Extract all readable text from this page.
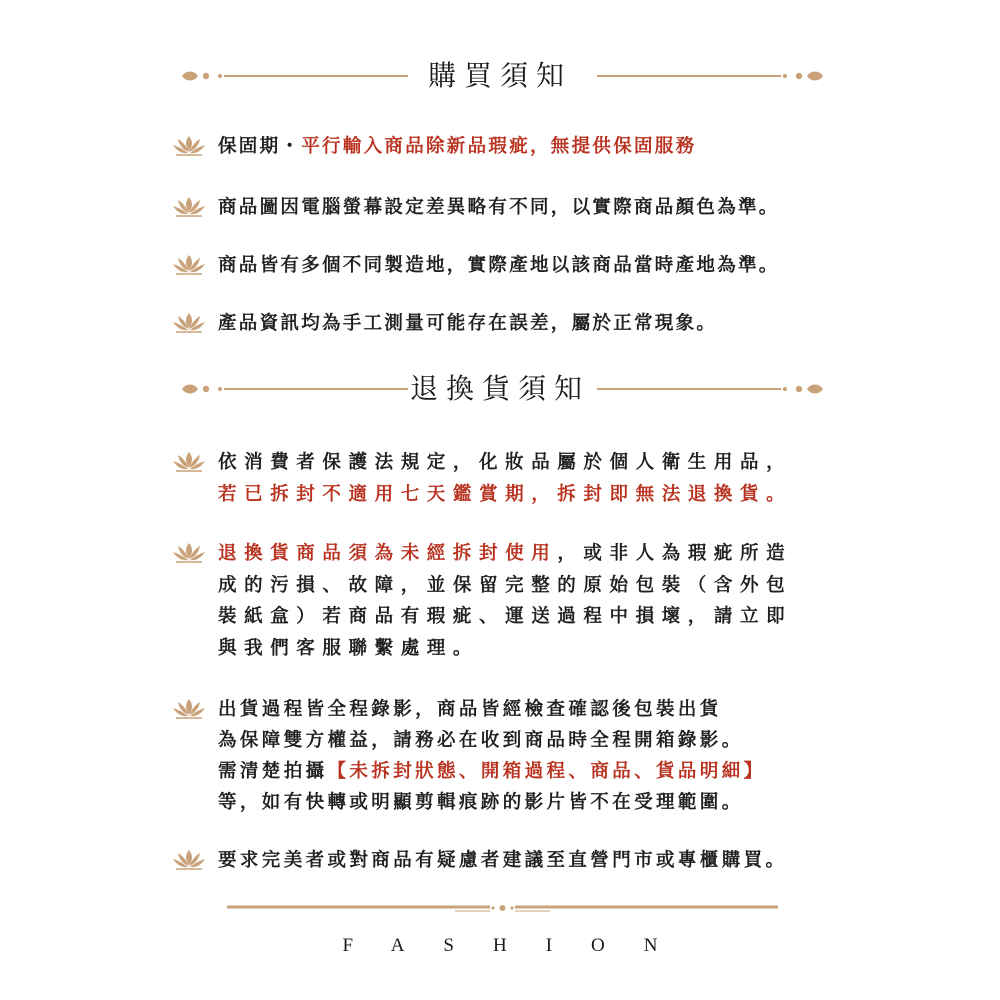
購買須知
保固期・平行輸入商品除新品瑕疵，無提供保固服務
商品圖因電腦螢幕設定差異略有不同，以實際商品顏色為準。
商品皆有多個不同製造地，實際產地以該商品當時產地為準。
產品資訊均為手工測量可能存在誤差，屬於正常現象。
退換貨須知
依消費者保護法規定，化妝品屬於個人衛生用品，
若已拆封不適用七天鑑賞期，拆封即無法退換貨。
退換貨商品須為未經拆封使用，或非人為瑕疵所造
成的污損、故障，並保留完整的原始包裝（含外包
裝紙盒）若商品有瑕疵、運送過程中損壞，請立即
與我們客服聯繫處理。
出貨過程皆全程錄影，商品皆經檢查確認後包裝出貨
為保障雙方權益，請務必在收到商品時全程開箱錄影。
需清楚拍攝【未拆封狀態、開箱過程、商品、貨品明細】
等，如有快轉或明顯剪輯痕跡的影片皆不在受理範圍。
要求完美者或對商品有疑慮者建議至直營門市或專櫃購買。
FASHION
